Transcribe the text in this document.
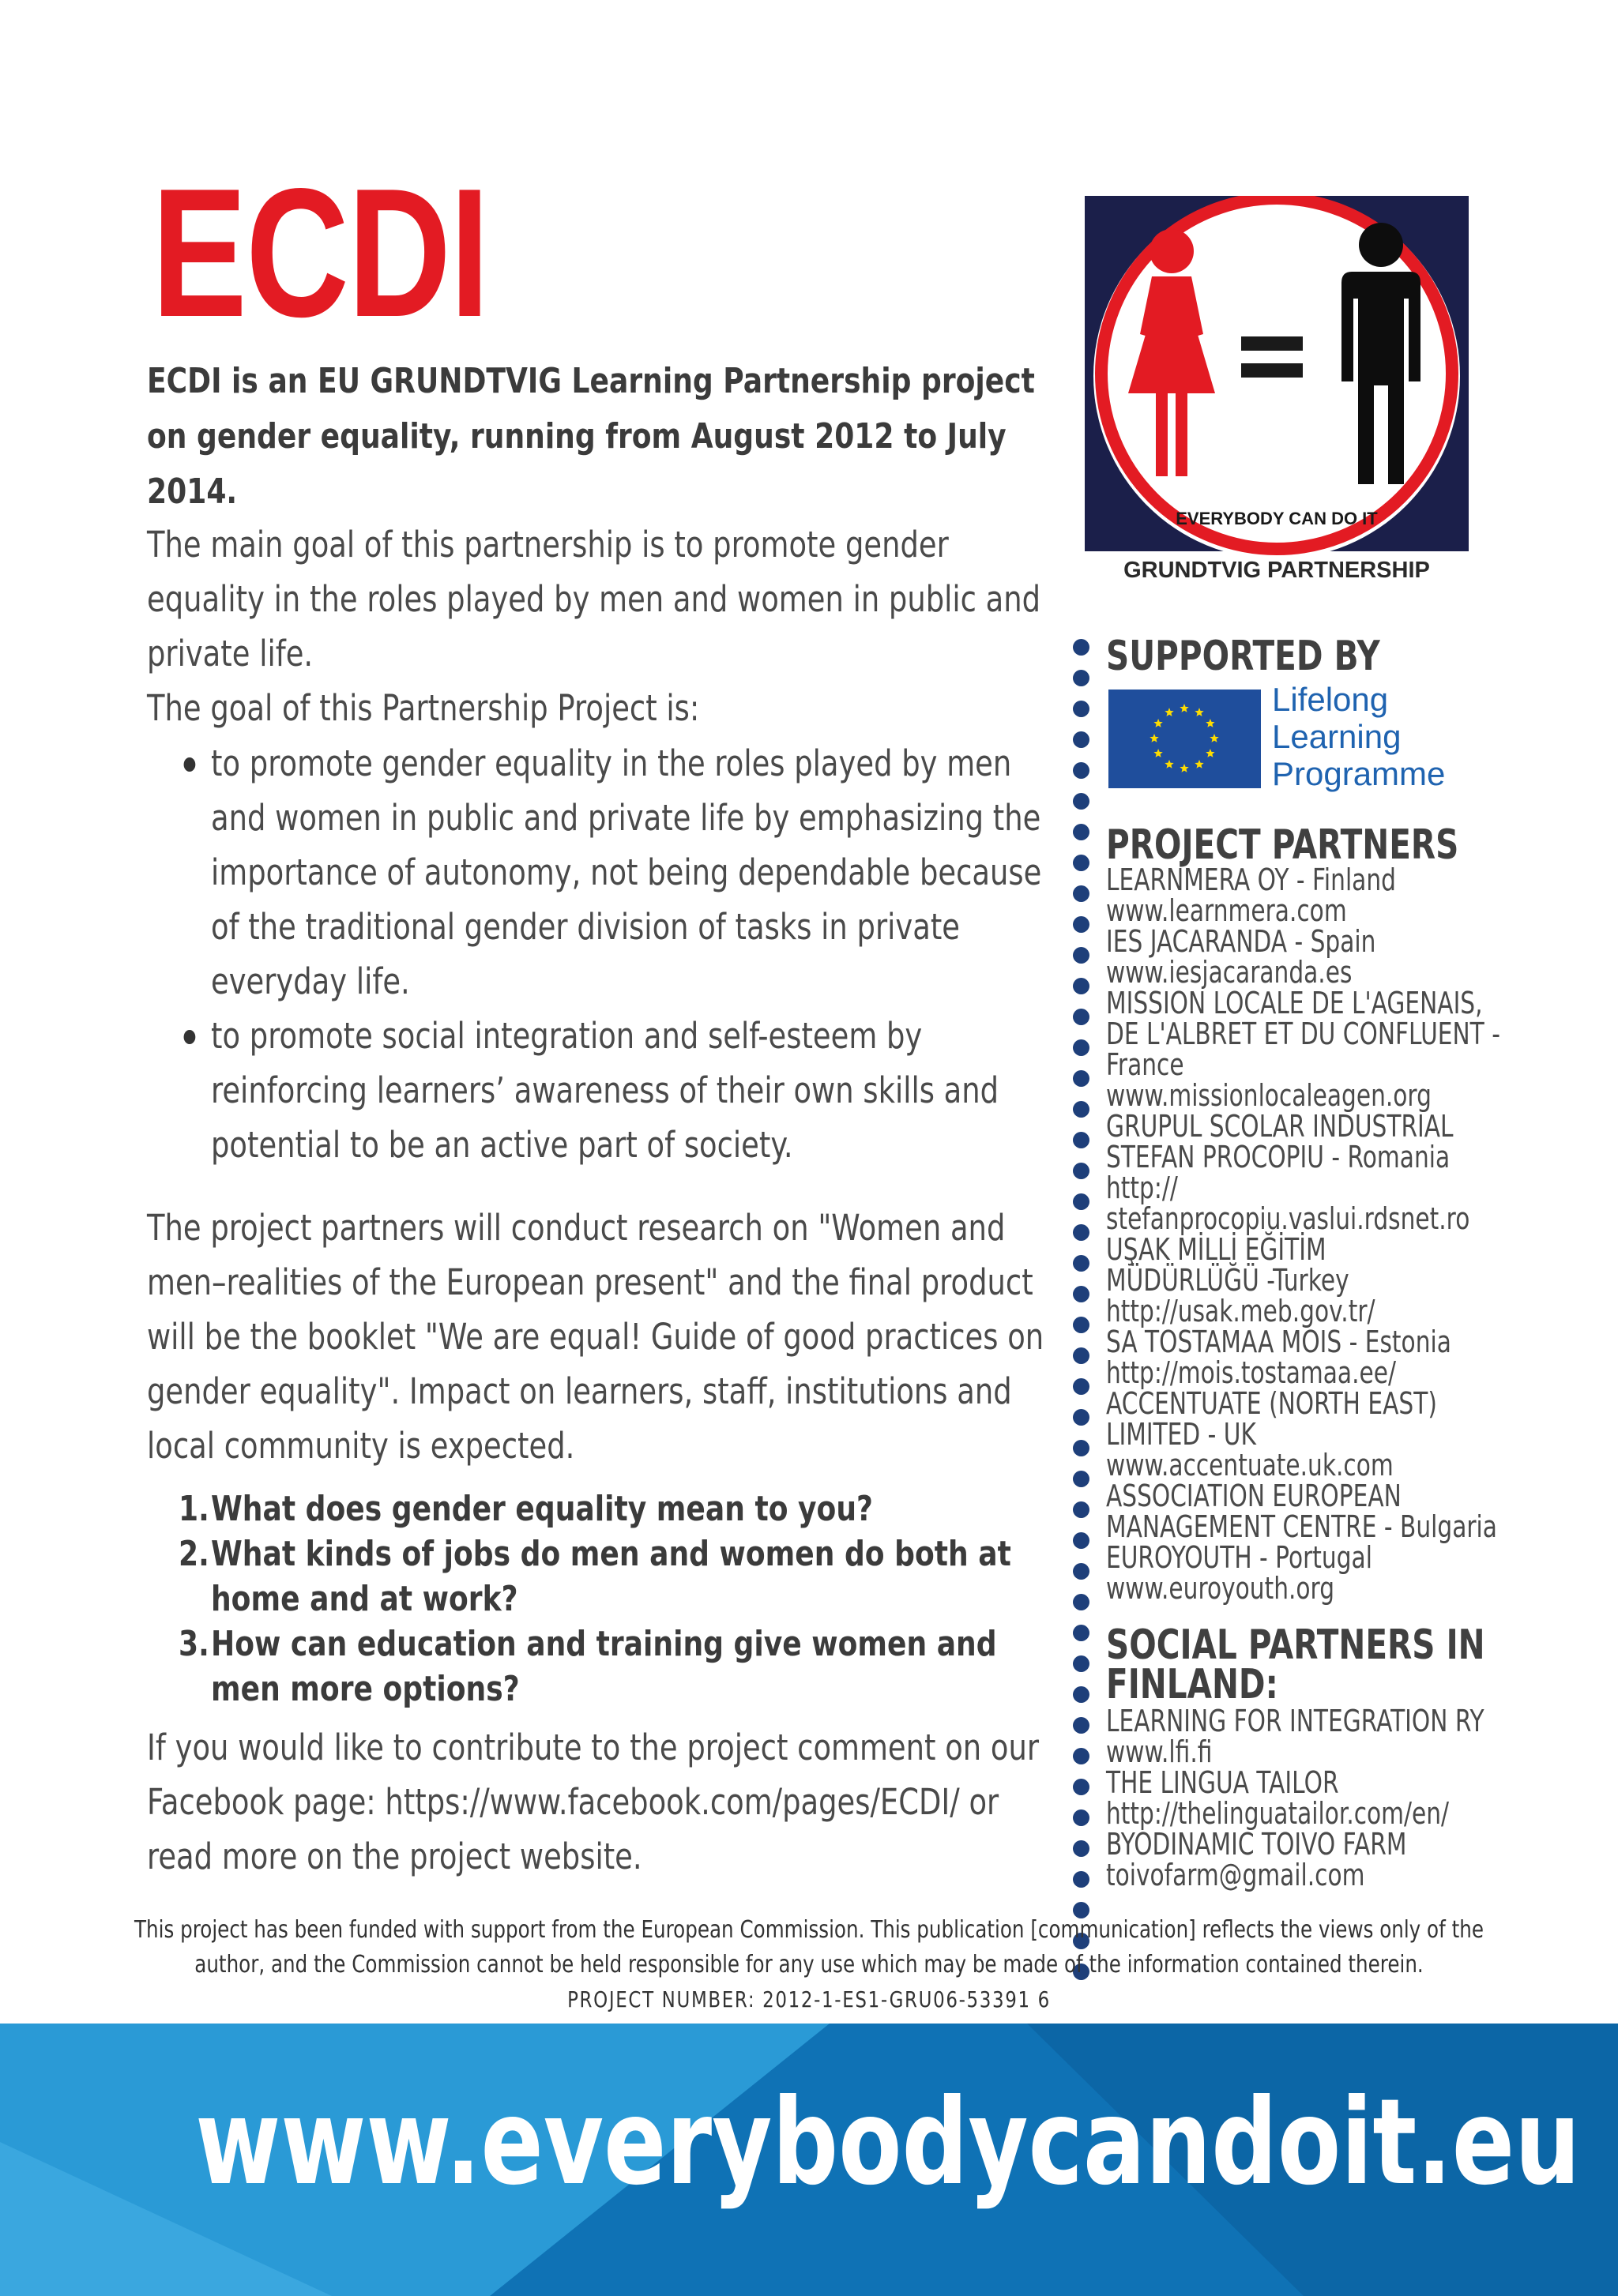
ECDI
ECDI is an EU GRUNDTVIG Learning Partnership project on gender equality, running from August 2012 to July 2014.

The main goal of this partnership is to promote gender equality in the roles played by men and women in public and private life.

The goal of this Partnership Project is:

to promote gender equality in the roles played by men and women in public and private life by emphasizing the importance of autonomy, not being dependable because of the traditional gender division of tasks in private everyday life.
to promote social integration and self-esteem by reinforcing learners’ awareness of their own skills and potential to be an active part of society.

The project partners will conduct research on "Women and men–realities of the European present" and the final product will be the booklet "We are equal! Guide of good practices on gender equality". Impact on learners, staff, institutions and local community is expected.

1. What does gender equality mean to you?
2. What kinds of jobs do men and women do both at home and at work?
3. How can education and training give women and men more options?

If you would like to contribute to the project comment on our Facebook page: https://www.facebook.com/pages/ECDI/ or read more on the project website.

EVERYBODY CAN DO IT
GRUNDTVIG PARTNERSHIP

SUPPORTED BY

Lifelong
Learning
Programme

PROJECT PARTNERS

LEARNMERA OY - Finland
www.learnmera.com
IES JACARANDA - Spain
www.iesjacaranda.es
MISSION LOCALE DE L'AGENAIS,
DE L'ALBRET ET DU CONFLUENT -
France
www.missionlocaleagen.org
GRUPUL SCOLAR INDUSTRIAL
STEFAN PROCOPIU - Romania
http://
stefanprocopiu.vaslui.rdsnet.ro
UŞAK MİLLİ EĞİTİM
MÜDÜRLÜĞÜ -Turkey
http://usak.meb.gov.tr/
SA TOSTAMAA MOIS - Estonia
http://mois.tostamaa.ee/
ACCENTUATE (NORTH EAST)
LIMITED - UK
www.accentuate.uk.com
ASSOCIATION EUROPEAN
MANAGEMENT CENTRE - Bulgaria
EUROYOUTH - Portugal
www.euroyouth.org

SOCIAL PARTNERS IN
FINLAND:

LEARNING FOR INTEGRATION RY
www.lfi.fi
THE LINGUA TAILOR
http://thelinguatailor.com/en/
BYODINAMIC TOIVO FARM
toivofarm@gmail.com
This project has been funded with support from the European Commission. This publication [communication] reflects the views only of the author, and the Commission cannot be held responsible for any use which may be made of the information contained therein.
PROJECT NUMBER: 2012-1-ES1-GRU06-53391 6
www.everybodycandoit.eu
